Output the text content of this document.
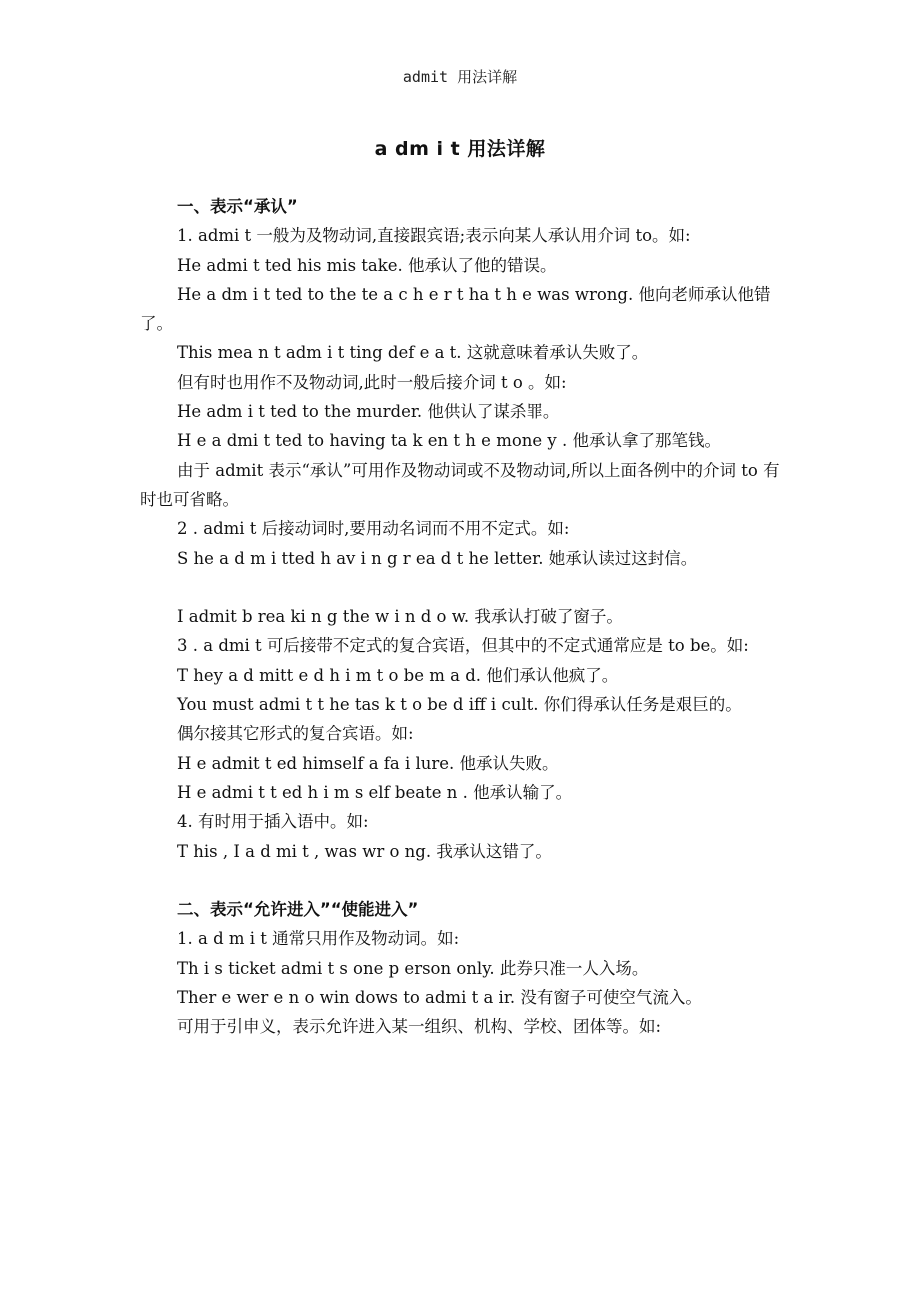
admit 用法详解
a dm i t 用法详解
一、表示“承认”
1. admi t 一般为及物动词,直接跟宾语;表示向某人承认用介词 to。如:
He admi t ted his mis take. 他承认了他的错误。
He a dm i t ted to the te a c h e r t ha t h e was wrong. 他向老师承认他错了。
This mea n t adm i t ting def e a t. 这就意味着承认失败了。
但有时也用作不及物动词,此时一般后接介词 t o 。如:
He adm i t ted to the murder. 他供认了谋杀罪。
H e a dmi t ted to having ta k en t h e mone y . 他承认拿了那笔钱。
由于 admit 表示“承认”可用作及物动词或不及物动词,所以上面各例中的介词 to 有时也可省略。
2 . admi t 后接动词时,要用动名词而不用不定式。如:
S he a d m i tted h av i n g r ea d t he letter. 她承认读过这封信。
I admit b rea ki n g the w i n d o w. 我承认打破了窗子。
3 . a dmi t 可后接带不定式的复合宾语，但其中的不定式通常应是 to be。如:
T hey a d mitt e d h i m t o be m a d. 他们承认他疯了。
You must admi t t he tas k t o be d iff i cult. 你们得承认任务是艰巨的。
偶尔接其它形式的复合宾语。如:
H e admit t ed himself a fa i lure. 他承认失败。
H e admi t t ed h i m s elf beate n . 他承认输了。
4. 有时用于插入语中。如:
T his , I a d mi t , was wr o ng. 我承认这错了。
二、表示“允许进入”“使能进入”
1. a d m i t 通常只用作及物动词。如:
Th i s ticket admi t s one p erson only. 此券只准一人入场。
Ther e wer e n o win dows to admi t a ir. 没有窗子可使空气流入。
可用于引申义，表示允许进入某一组织、机构、学校、团体等。如:
